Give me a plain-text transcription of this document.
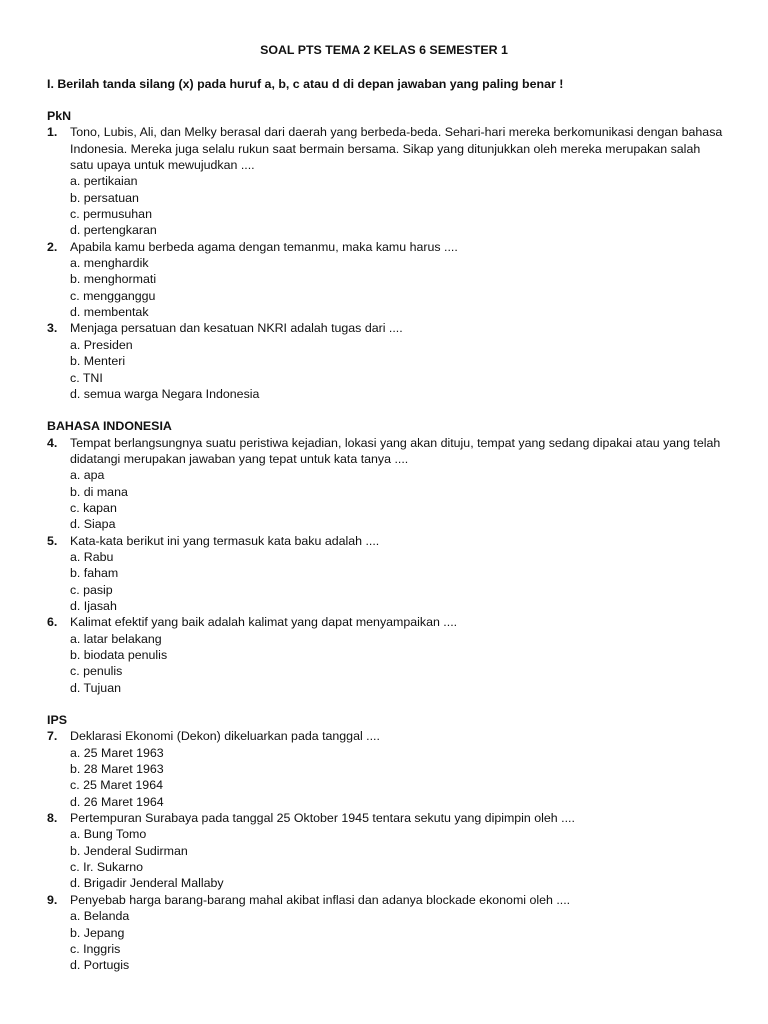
SOAL PTS TEMA 2 KELAS 6 SEMESTER 1
I. Berilah tanda silang (x) pada huruf a, b, c atau d di depan jawaban yang paling benar !
PkN
1. Tono, Lubis, Ali, dan Melky berasal dari daerah yang berbeda-beda. Sehari-hari mereka berkomunikasi dengan bahasa Indonesia. Mereka juga selalu rukun saat bermain bersama. Sikap yang ditunjukkan oleh mereka merupakan salah satu upaya untuk mewujudkan ....
a. pertikaian
b. persatuan
c. permusuhan
d. pertengkaran
2. Apabila kamu berbeda agama dengan temanmu, maka kamu harus ....
a. menghardik
b. menghormati
c. mengganggu
d. membentak
3. Menjaga persatuan dan kesatuan NKRI adalah tugas dari ....
a. Presiden
b. Menteri
c. TNI
d. semua warga Negara Indonesia
BAHASA INDONESIA
4. Tempat berlangsungnya suatu peristiwa kejadian, lokasi yang akan dituju, tempat yang sedang dipakai atau yang telah didatangi merupakan jawaban yang tepat untuk kata tanya ....
a. apa
b. di mana
c. kapan
d. Siapa
5. Kata-kata berikut ini yang termasuk kata baku adalah ....
a. Rabu
b. faham
c. pasip
d. Ijasah
6. Kalimat efektif yang baik adalah kalimat yang dapat menyampaikan ....
a. latar belakang
b. biodata penulis
c. penulis
d. Tujuan
IPS
7. Deklarasi Ekonomi (Dekon) dikeluarkan pada tanggal ....
a. 25 Maret 1963
b. 28 Maret 1963
c. 25 Maret 1964
d. 26 Maret 1964
8. Pertempuran Surabaya pada tanggal 25 Oktober 1945 tentara sekutu yang dipimpin oleh ....
a. Bung Tomo
b. Jenderal Sudirman
c. Ir. Sukarno
d. Brigadir Jenderal Mallaby
9. Penyebab harga barang-barang mahal akibat inflasi dan adanya blockade ekonomi oleh ....
a. Belanda
b. Jepang
c. Inggris
d. Portugis
